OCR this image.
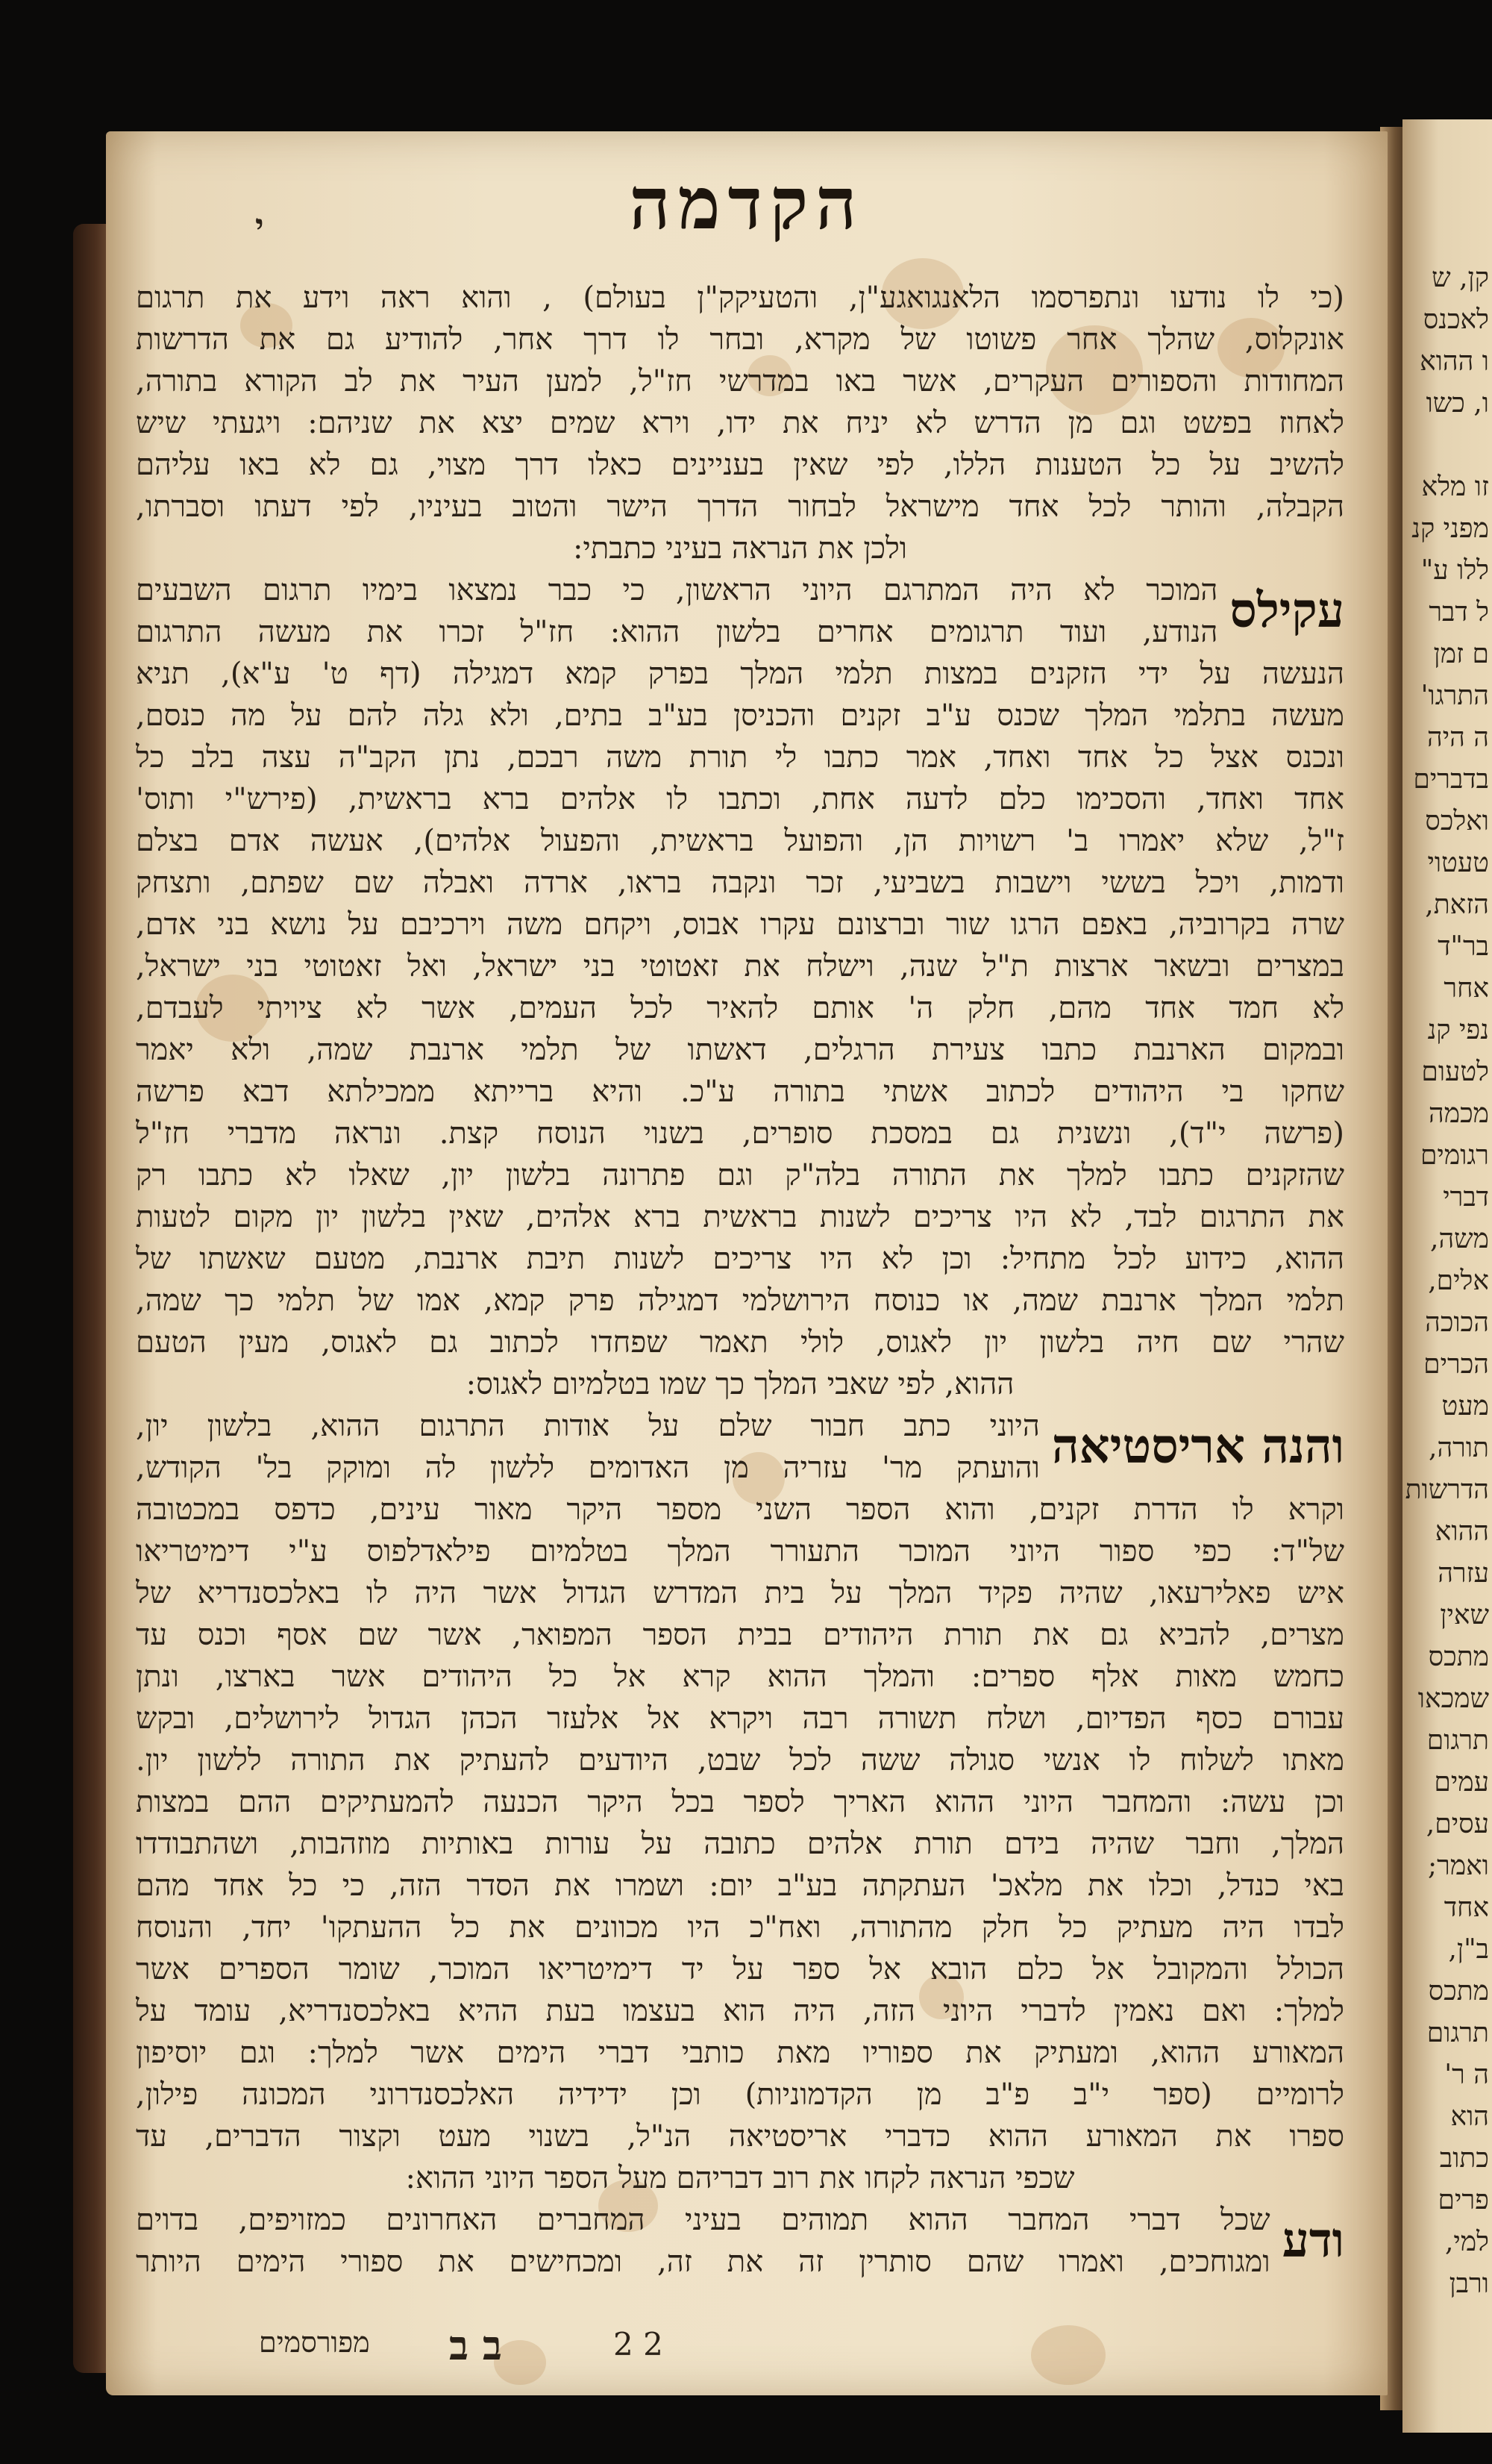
קן, ש
לאכנס
ו ההוא
ו, כשו
זו מלא
מפני קנ
ללו ע"
ל דבר
ם זמן
התרגו'
ה היה
בדברים
ואלכס
טעטוי
הזאת,
בר"ד
אחר
נפי קנ
לטעום
מכמה
רגומים
דברי
משה,
אלים,
הכוכה
הכרים
מעט
תורה,
הדרשות
ההוא
עזרה
שאין
מתכס
שמכאו
תרגום
עמים
עסים,
ואמר;
אחד
ב"ן,
מתכס
תרגום
ה ר'
הוא
כתוב
פרים
למי,
ורבן
י	הקדמה
(כי לו נודעו ונתפרסמו הלאנגואגע"ן, והטעיקק"ן בעולם) , והוא ראה וידע את תרגום
אונקלוס, שהלך אחר פשוטו של מקרא, ובחר לו דרך אחר, להודיע גם את הדרשות
המחודות והספורים העקרים, אשר באו במדרשי חז"ל, למען העיר את לב הקורא בתורה,
לאחוז בפשט וגם מן הדרש לא יניח את ידו, וירא שמים יצא את שניהם: ויגעתי שיש
להשיב על כל הטענות הללו, לפי שאין בעניינים כאלו דרך מצוי, גם לא באו עליהם
הקבלה, והותר לכל אחד מישראל לבחור הדרך הישר והטוב בעיניו, לפי דעתו וסברתו,
ולכן את הנראה בעיני כתבתי:
עקילס
המוכר לא היה המתרגם היוני הראשון, כי כבר נמצאו בימיו תרגום השבעים
הנודע, ועוד תרגומים אחרים בלשון ההוא: חז"ל זכרו את מעשה התרגום
הנעשה על ידי הזקנים במצות תלמי המלך בפרק קמא דמגילה (דף ט' ע"א), תניא
מעשה בתלמי המלך שכנס ע"ב זקנים והכניסן בע"ב בתים, ולא גלה להם על מה כנסם,
ונכנס אצל כל אחד ואחד, אמר כתבו לי תורת משה רבכם, נתן הקב"ה עצה בלב כל
אחד ואחד, והסכימו כלם לדעה אחת, וכתבו לו אלהים ברא בראשית, (פירש"י ותוס'
ז"ל, שלא יאמרו ב' רשויות הן, והפועל בראשית, והפעול אלהים), אעשה אדם בצלם
ודמות, ויכל בששי וישבות בשביעי, זכר ונקבה בראו, ארדה ואבלה שם שפתם, ותצחק
שרה בקרוביה, באפם הרגו שור וברצונם עקרו אבוס, ויקחם משה וירכיבם על נושא בני אדם,
במצרים ובשאר ארצות ת"ל שנה, וישלח את זאטוטי בני ישראל, ואל זאטוטי בני ישראל,
לא חמד אחד מהם, חלק ה' אותם להאיר לכל העמים, אשר לא ציויתי לעבדם,
ובמקום הארנבת כתבו צעירת הרגלים, דאשתו של תלמי ארנבת שמה, ולא יאמר
שחקו בי היהודים לכתוב אשתי בתורה ע"כ. והיא ברייתא ממכילתא דבא פרשה
(פרשה י"ד), ונשנית גם במסכת סופרים, בשנוי הנוסח קצת. ונראה מדברי חז"ל
שהזקנים כתבו למלך את התורה בלה"ק וגם פתרונה בלשון יון, שאלו לא כתבו רק
את התרגום לבד, לא היו צריכים לשנות בראשית ברא אלהים, שאין בלשון יון מקום לטעות
ההוא, כידוע לכל מתחיל: וכן לא היו צריכים לשנות תיבת ארנבת, מטעם שאשתו של
תלמי המלך ארנבת שמה, או כנוסח הירושלמי דמגילה פרק קמא, אמו של תלמי כך שמה,
שהרי שם חיה בלשון יון לאגוס, לולי תאמר שפחדו לכתוב גם לאגוס, מעין הטעם
ההוא, לפי שאבי המלך כך שמו בטלמיום לאגוס:
והנה אריסטיאה
היוני כתב חבור שלם על אודות התרגום ההוא, בלשון יון,
והועתק מר' עזריה מן האדומים ללשון לה ומוקק בל' הקודש,
וקרא לו הדרת זקנים, והוא הספר השני מספר היקר מאור עינים, כדפס במכטובה
של"ד: כפי ספור היוני המוכר התעורר המלך בטלמיום פילאדלפוס ע"י דימיטריאו
איש פאלירעאו, שהיה פקיד המלך על בית המדרש הגדול אשר היה לו באלכסנדריא של
מצרים, להביא גם את תורת היהודים בבית הספר המפואר, אשר שם אסף וכנס עד
כחמש מאות אלף ספרים: והמלך ההוא קרא אל כל היהודים אשר בארצו, ונתן
עבורם כסף הפדיום, ושלח תשורה רבה ויקרא אל אלעזר הכהן הגדול לירושלים, ובקש
מאתו לשלוח לו אנשי סגולה ששה לכל שבט, היודעים להעתיק את התורה ללשון יון.
וכן עשה: והמחבר היוני ההוא האריך לספר בכל היקר הכנעה להמעתיקים ההם במצות
המלך, וחבר שהיה בידם תורת אלהים כתובה על עורות באותיות מוזהבות, ושהתבודדו
באי כנדל, וכלו את מלאכ' העתקתה בע"ב יום: ושמרו את הסדר הזה, כי כל אחד מהם
לבדו היה מעתיק כל חלק מהתורה, ואח"כ היו מכוונים את כל ההעתקו' יחד, והנוסח
הכולל והמקובל אל כלם הובא אל ספר על יד דימיטריאו המוכר, שומר הספרים אשר
למלך: ואם נאמין לדברי היוני הזה, היה הוא בעצמו בעת ההיא באלכסנדריא, עומד על
המאורע ההוא, ומעתיק את ספוריו מאת כותבי דברי הימים אשר למלך: וגם יוסיפון
לרומיים (ספר י"ב פ"ב מן הקדמוניות) וכן ידידיה האלכסנדרוני המכונה פילון,
ספרו את המאורע ההוא כדברי אריסטיאה הנ"ל, בשנוי מעט וקצור הדברים, עד
שכפי הנראה לקחו את רוב דבריהם מעל הספר היוני ההוא:
ודע
שכל דברי המחבר ההוא תמוהים בעיני המחברים האחרונים כמזויפים, בדוים
ומגוחכים, ואמרו שהם סותרין זה את זה, ומכחישים את ספורי הימים היותר
ב ב	2 2
מפורסמים
